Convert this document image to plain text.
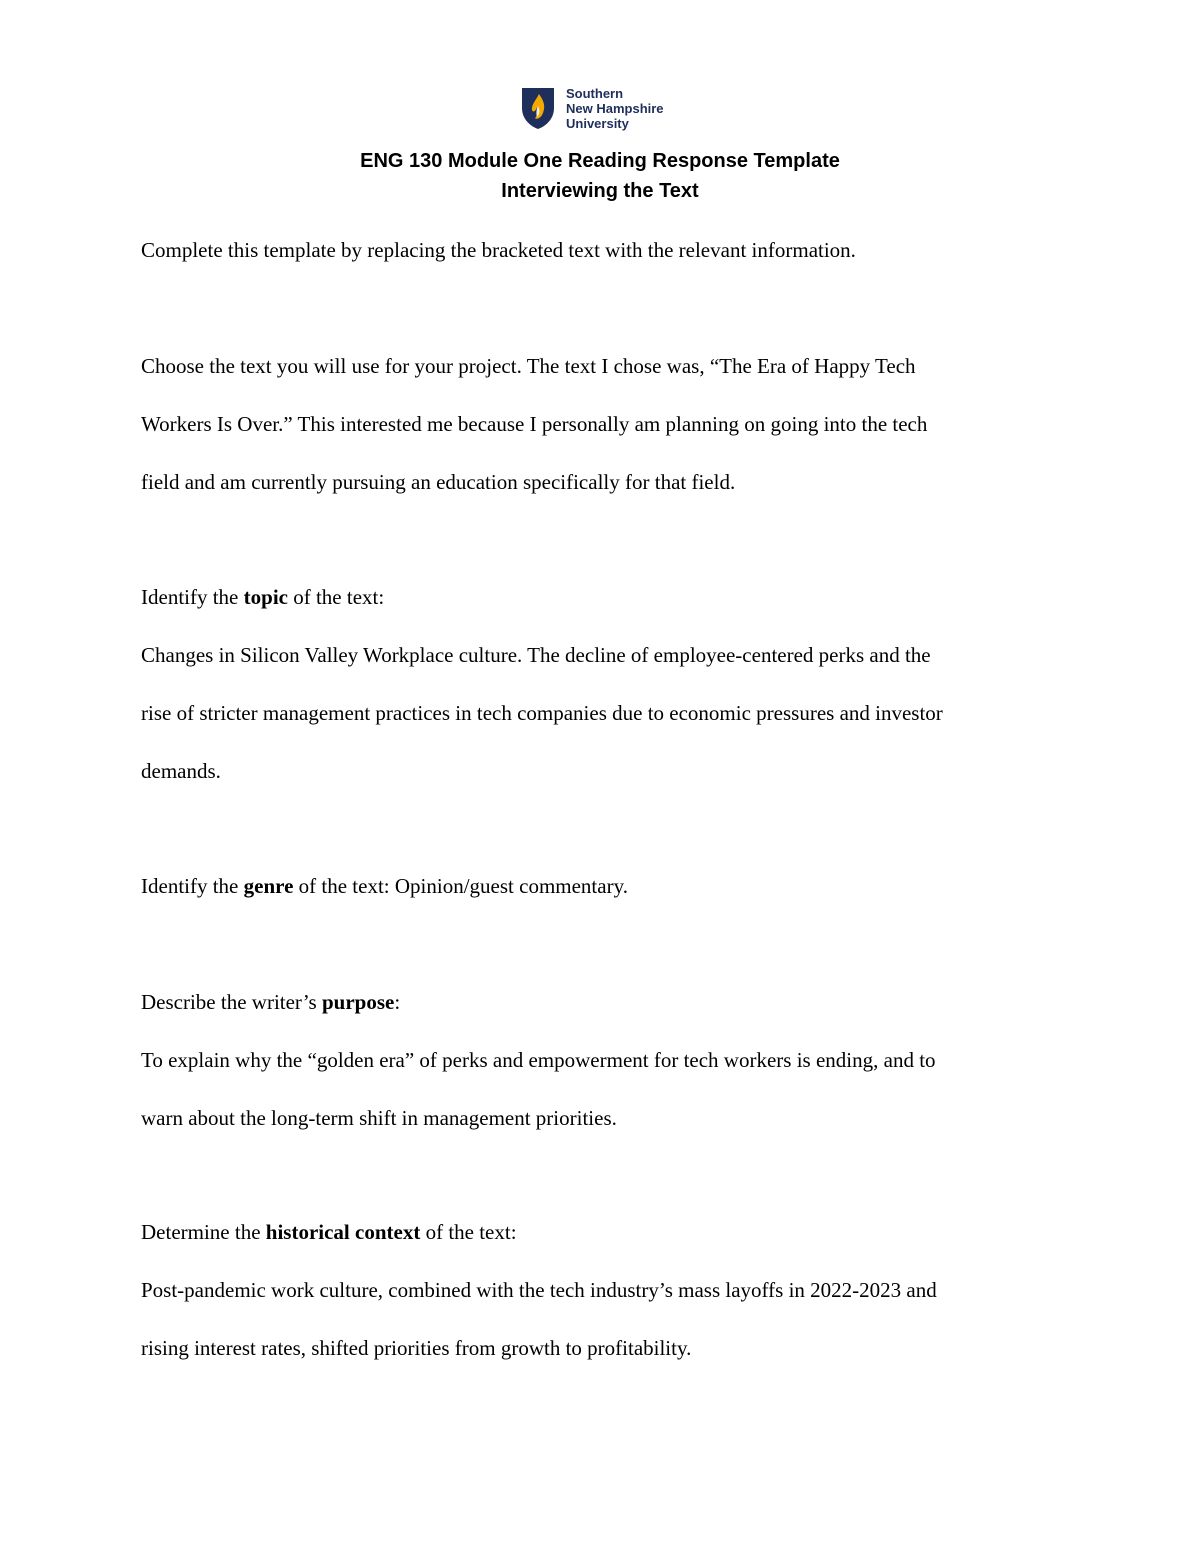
Southern
New Hampshire
University
ENG 130 Module One Reading Response Template
Interviewing the Text
Complete this template by replacing the bracketed text with the relevant information.
Choose the text you will use for your project. The text I chose was, “The Era of Happy Tech
Workers Is Over.” This interested me because I personally am planning on going into the tech
field and am currently pursuing an education specifically for that field.
Identify the topic of the text:
Changes in Silicon Valley Workplace culture. The decline of employee-centered perks and the
rise of stricter management practices in tech companies due to economic pressures and investor
demands.
Identify the genre of the text: Opinion/guest commentary.
Describe the writer’s purpose:
To explain why the “golden era” of perks and empowerment for tech workers is ending, and to
warn about the long-term shift in management priorities.
Determine the historical context of the text:
Post-pandemic work culture, combined with the tech industry’s mass layoffs in 2022-2023 and
rising interest rates, shifted priorities from growth to profitability.
